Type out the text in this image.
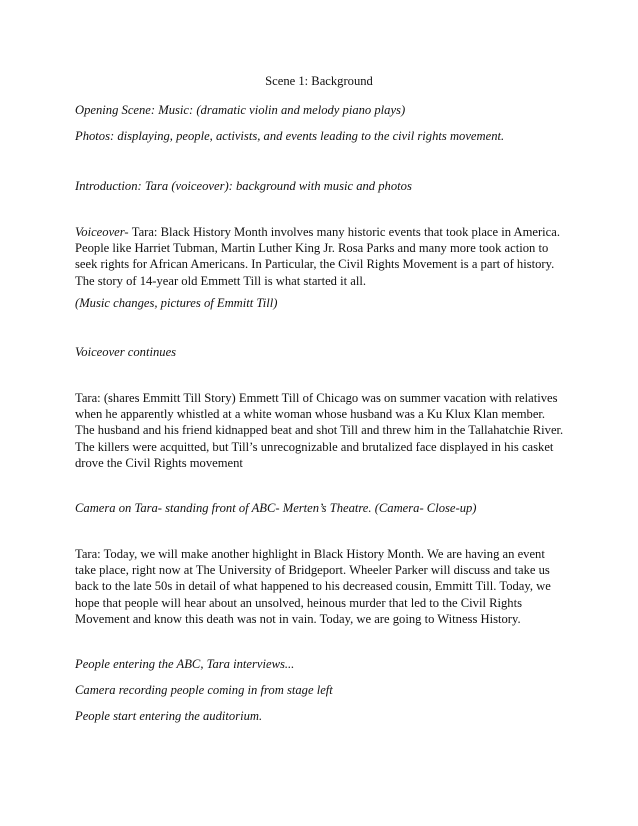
Scene 1: Background

Opening Scene: Music: (dramatic violin and melody piano plays)

Photos: displaying, people, activists, and events leading to the civil rights movement.

Introduction: Tara (voiceover): background with music and photos

Voiceover- Tara: Black History Month involves many historic events that took place in America.
People like Harriet Tubman, Martin Luther King Jr. Rosa Parks and many more took action to
seek rights for African Americans. In Particular, the Civil Rights Movement is a part of history.
The story of 14-year old Emmett Till is what started it all.

(Music changes, pictures of Emmitt Till)

Voiceover continues

Tara: (shares Emmitt Till Story) Emmett Till of Chicago was on summer vacation with relatives
when he apparently whistled at a white woman whose husband was a Ku Klux Klan member.
The husband and his friend kidnapped beat and shot Till and threw him in the Tallahatchie River.
The killers were acquitted, but Till’s unrecognizable and brutalized face displayed in his casket
drove the Civil Rights movement

Camera on Tara- standing front of ABC- Merten’s Theatre. (Camera- Close-up)

Tara: Today, we will make another highlight in Black History Month. We are having an event
take place, right now at The University of Bridgeport. Wheeler Parker will discuss and take us
back to the late 50s in detail of what happened to his decreased cousin, Emmitt Till. Today, we
hope that people will hear about an unsolved, heinous murder that led to the Civil Rights
Movement and know this death was not in vain. Today, we are going to Witness History.

People entering the ABC, Tara interviews...

Camera recording people coming in from stage left

People start entering the auditorium.
